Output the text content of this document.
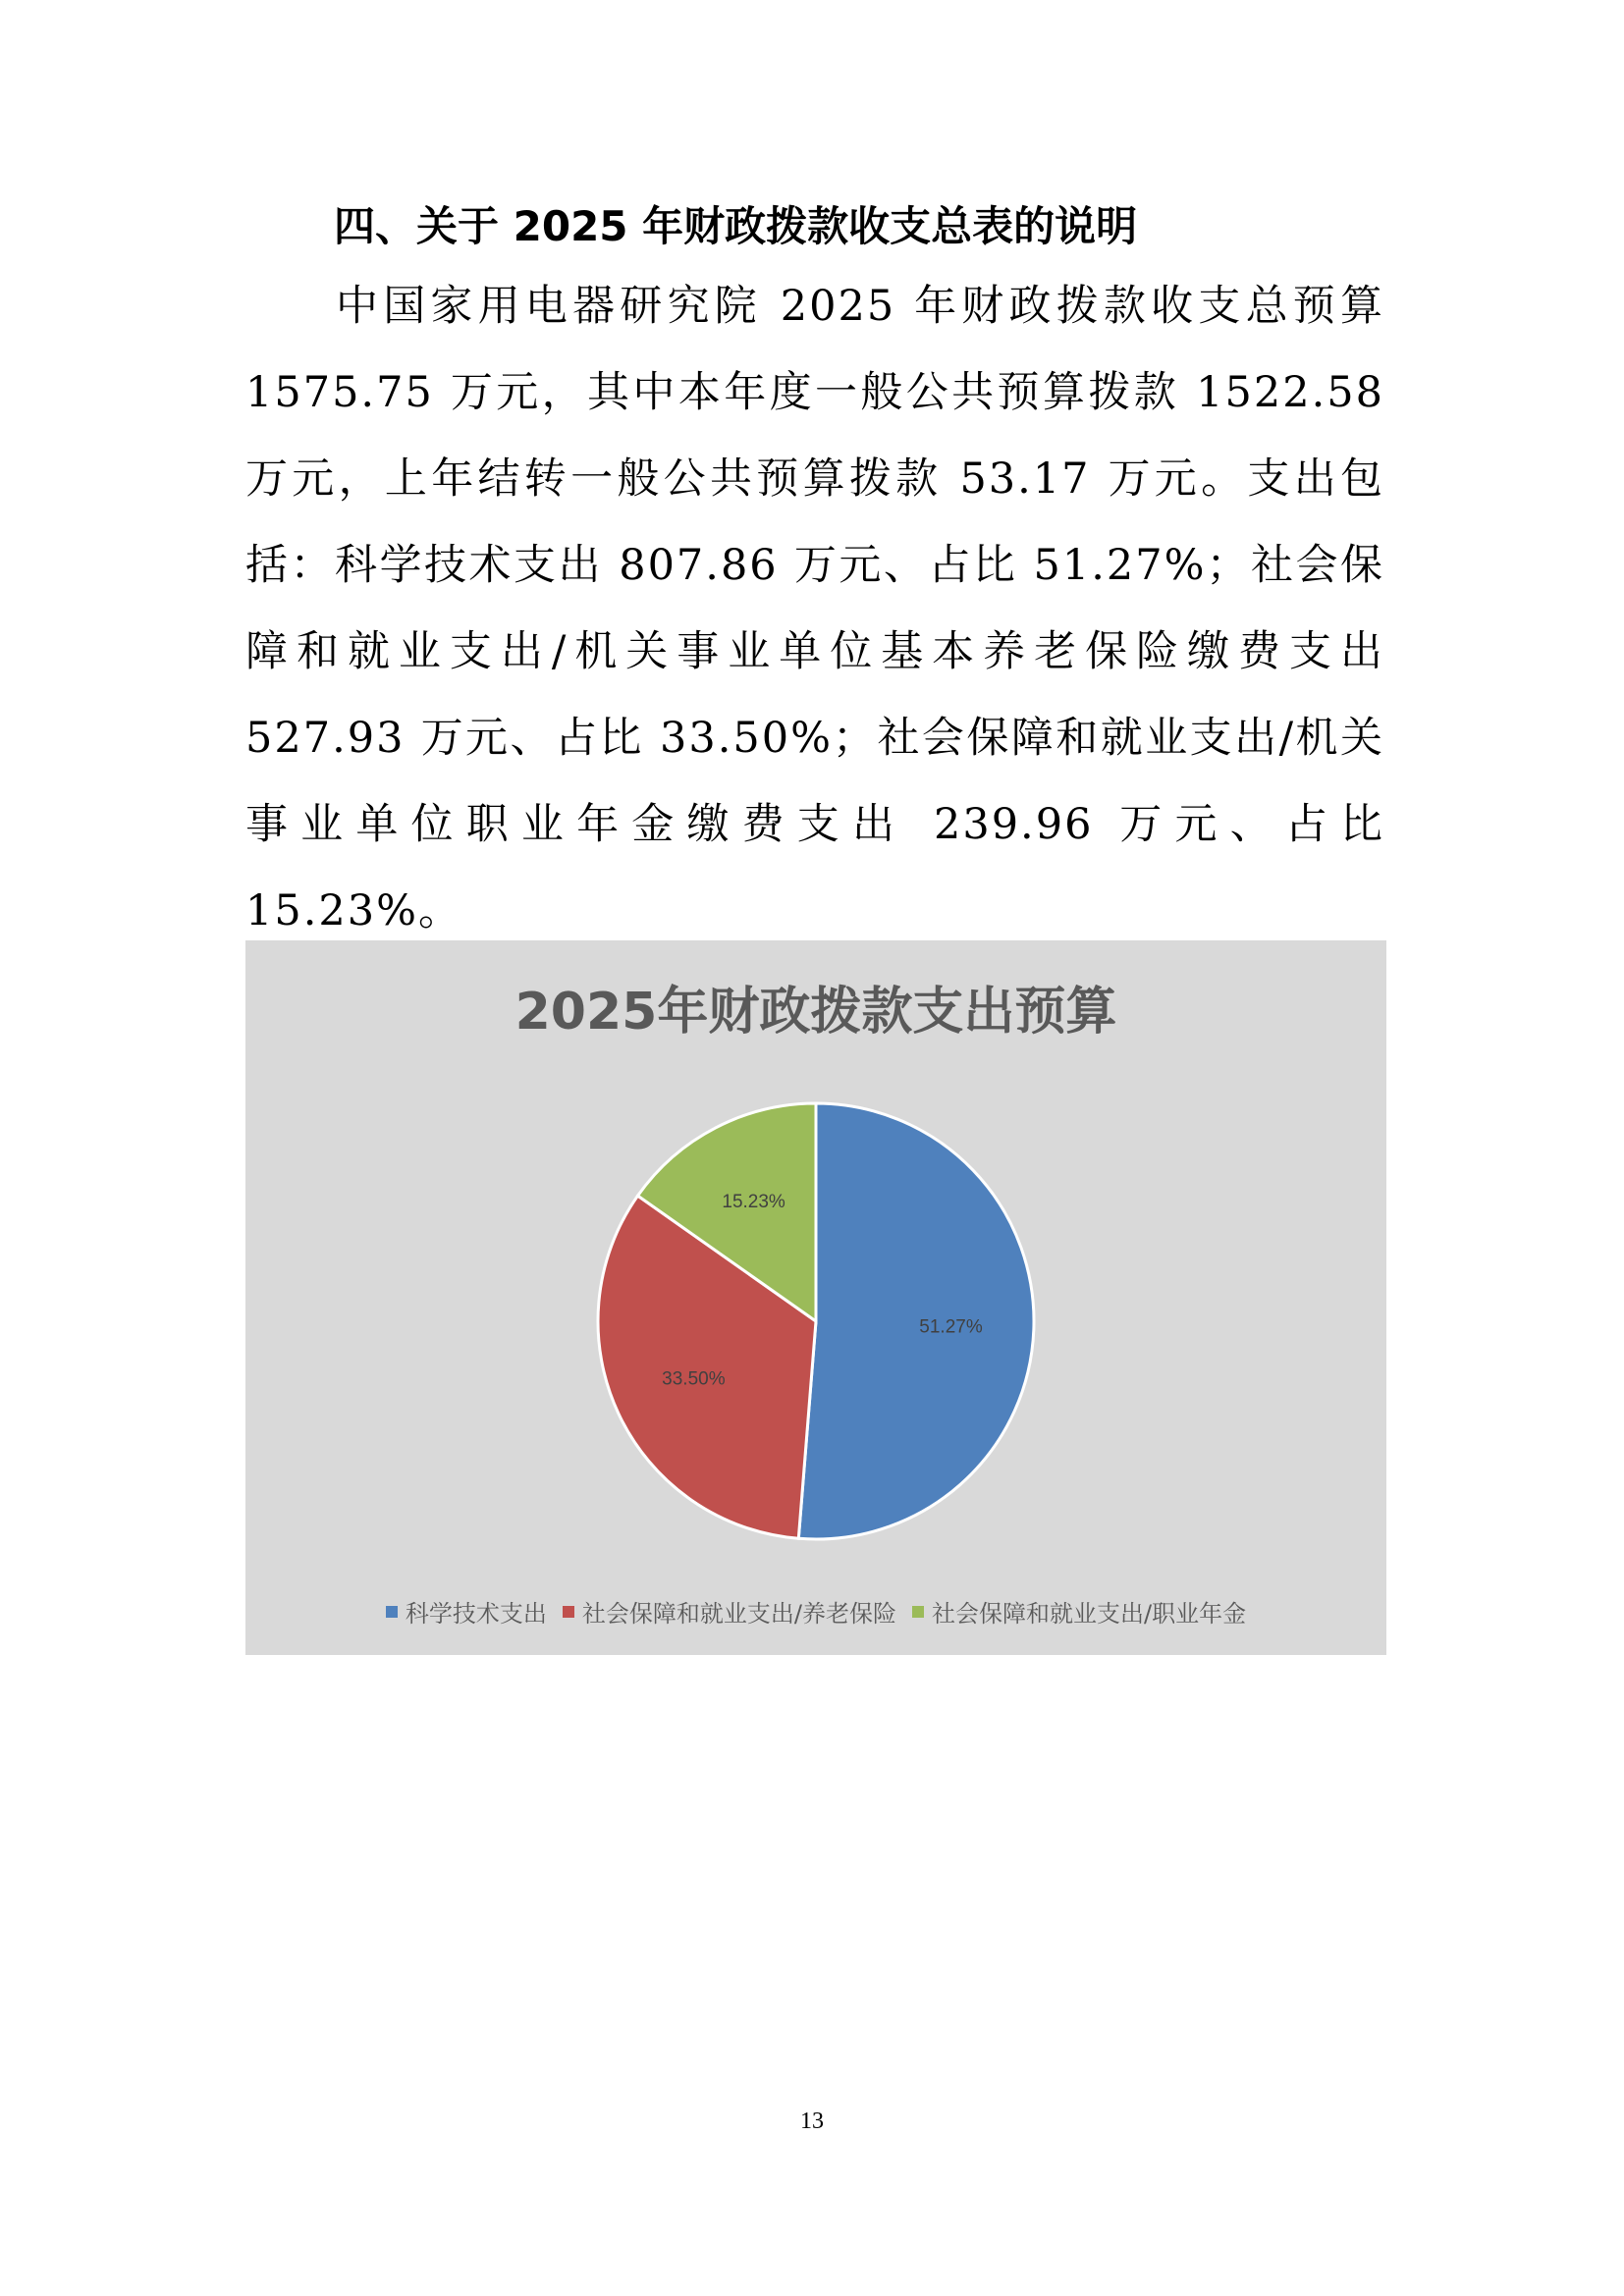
四、关于 2025 年财政拨款收支总表的说明

中国家用电器研究院 2025 年财政拨款收支总预算 1575.75 万元，其中本年度一般公共预算拨款 1522.58 万元，上年结转一般公共预算拨款 53.17 万元。支出包括：科学技术支出 807.86 万元、占比 51.27%；社会保障和就业支出/机关事业单位基本养老保险缴费支出 527.93 万元、占比 33.50%；社会保障和就业支出/机关事业单位职业年金缴费支出 239.96 万元、占比 15.23%。

2025年财政拨款支出预算
51.27%
33.50%
15.23%
科学技术支出 社会保障和就业支出/养老保险 社会保障和就业支出/职业年金
13
